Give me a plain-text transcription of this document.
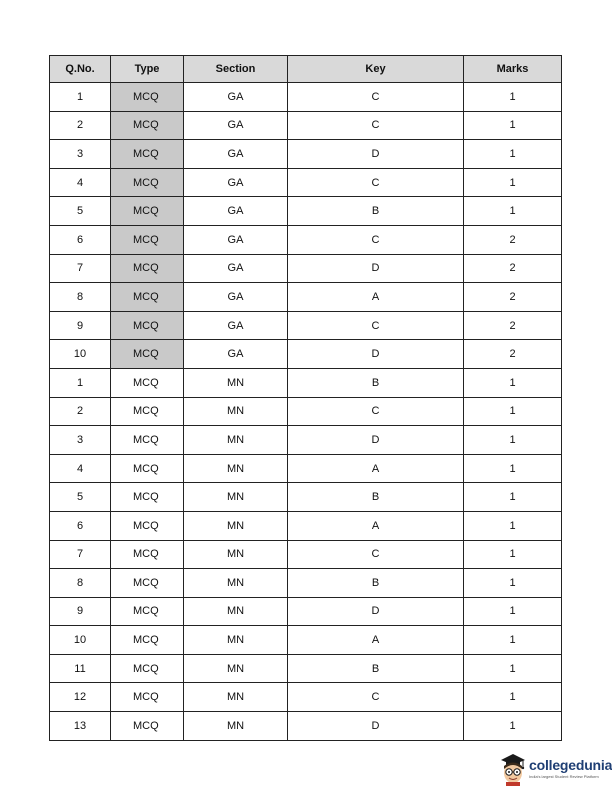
Q.No.	Type	Section	Key	Marks
1	MCQ	GA	C	1
2	MCQ	GA	C	1
3	MCQ	GA	D	1
4	MCQ	GA	C	1
5	MCQ	GA	B	1
6	MCQ	GA	C	2
7	MCQ	GA	D	2
8	MCQ	GA	A	2
9	MCQ	GA	C	2
10	MCQ	GA	D	2
1	MCQ	MN	B	1
2	MCQ	MN	C	1
3	MCQ	MN	D	1
4	MCQ	MN	A	1
5	MCQ	MN	B	1
6	MCQ	MN	A	1
7	MCQ	MN	C	1
8	MCQ	MN	B	1
9	MCQ	MN	D	1
10	MCQ	MN	A	1
11	MCQ	MN	B	1
12	MCQ	MN	C	1
13	MCQ	MN	D	1
collegedunia
India's largest Student Review Platform
